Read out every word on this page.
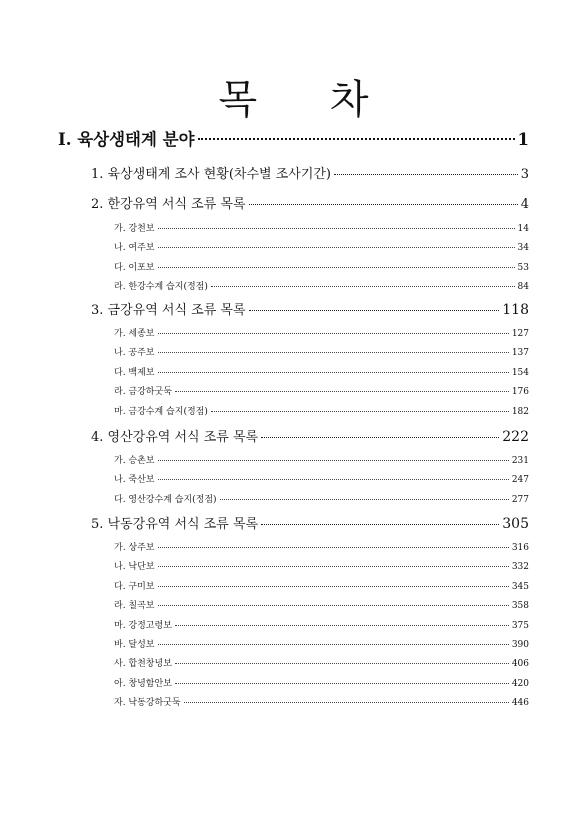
목 차
Ⅰ. 육상생태계 분야	1
1. 육상생태계 조사 현황(차수별 조사기간)	3
2. 한강유역 서식 조류 목록	4
가. 강천보	14
나. 여주보	34
다. 이포보	53
라. 한강수계 습지(정점)	84
3. 금강유역 서식 조류 목록	118
가. 세종보	127
나. 공주보	137
다. 백제보	154
라. 금강하굿둑	176
마. 금강수계 습지(정점)	182
4. 영산강유역 서식 조류 목록	222
가. 승촌보	231
나. 죽산보	247
다. 영산강수계 습지(정점)	277
5. 낙동강유역 서식 조류 목록	305
가. 상주보	316
나. 낙단보	332
다. 구미보	345
라. 칠곡보	358
마. 강정고령보	375
바. 달성보	390
사. 합천창녕보	406
아. 창녕함안보	420
자. 낙동강하굿둑	446
